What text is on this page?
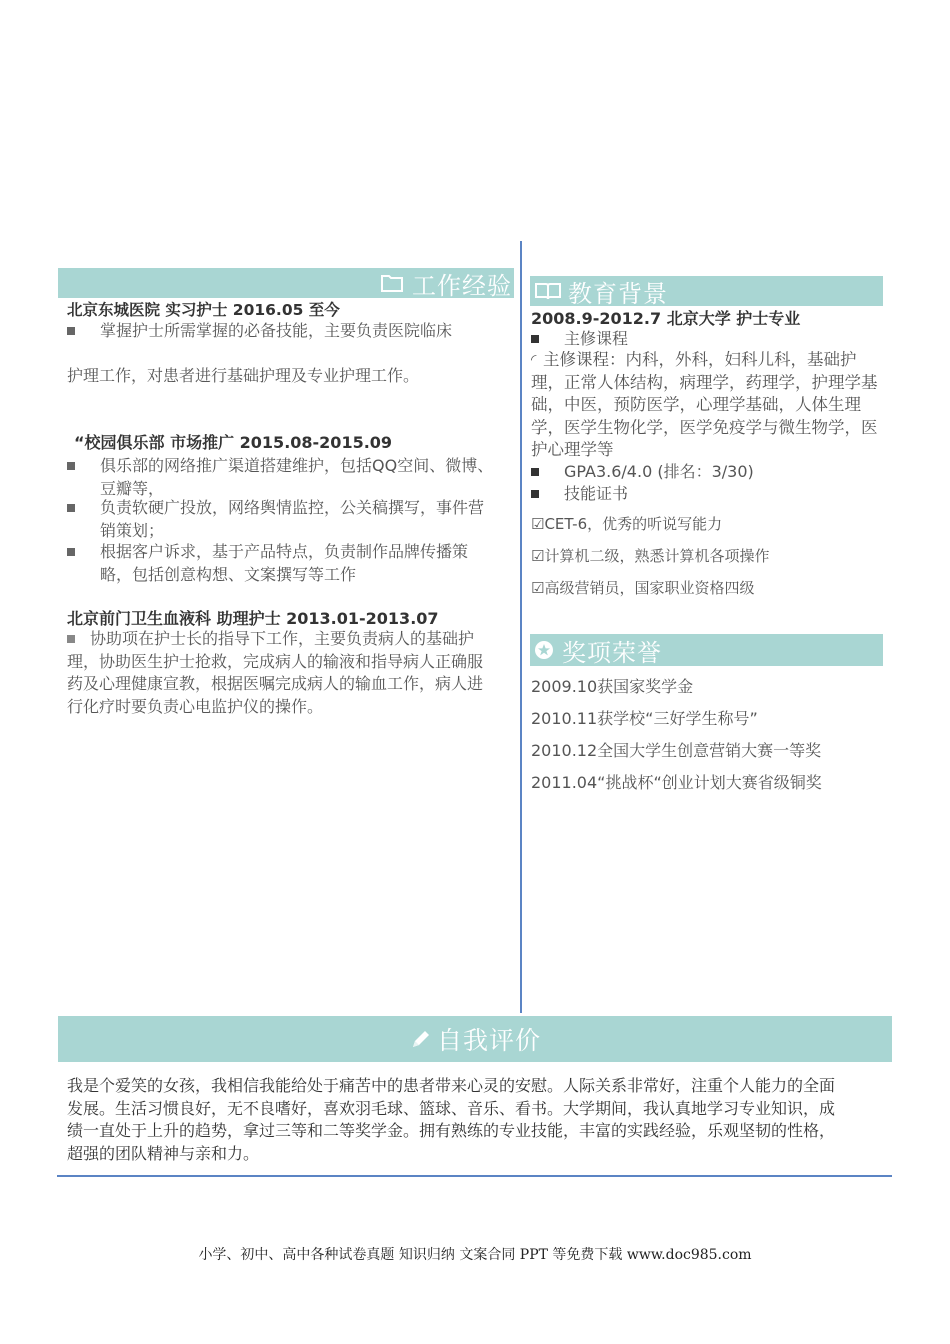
工作经验
北京东城医院 实习护士 2016.05 至今
掌握护士所需掌握的必备技能，主要负责医院临床
护理工作，对患者进行基础护理及专业护理工作。
“校园俱乐部 市场推广 2015.08-2015.09
俱乐部的网络推广渠道搭建维护，包括QQ空间、微博、
豆瓣等，
负责软硬广投放，网络舆情监控，公关稿撰写，事件营
销策划；
根据客户诉求，基于产品特点，负责制作品牌传播策
略，包括创意构想、文案撰写等工作
北京前门卫生血液科 助理护士 2013.01-2013.07
协助项在护士长的指导下工作，主要负责病人的基础护
理，协助医生护士抢救，完成病人的输液和指导病人正确服
药及心理健康宣教，根据医嘱完成病人的输血工作，病人进
行化疗时要负责心电监护仪的操作。
教育背景
2008.9-2012.7 北京大学 护士专业
主修课程
◜ 主修课程：内科，外科，妇科儿科，基础护
理，正常人体结构，病理学，药理学，护理学基
础，中医，预防医学，心理学基础，人体生理
学，医学生物化学，医学免疫学与微生物学，医
护心理学等
GPA3.6/4.0 (排名：3/30)
技能证书
☑CET-6，优秀的听说写能力
☑计算机二级，熟悉计算机各项操作
☑高级营销员，国家职业资格四级
奖项荣誉
2009.10获国家奖学金
2010.11获学校“三好学生称号”
2010.12全国大学生创意营销大赛一等奖
2011.04“挑战杯“创业计划大赛省级铜奖
自我评价
我是个爱笑的女孩，我相信我能给处于痛苦中的患者带来心灵的安慰。人际关系非常好，注重个人能力的全面
发展。生活习惯良好，无不良嗜好，喜欢羽毛球、篮球、音乐、看书。大学期间，我认真地学习专业知识，成
绩一直处于上升的趋势，拿过三等和二等奖学金。拥有熟练的专业技能，丰富的实践经验，乐观坚韧的性格，
超强的团队精神与亲和力。
小学、初中、高中各种试卷真题 知识归纳 文案合同 PPT 等免费下载 www.doc985.com
